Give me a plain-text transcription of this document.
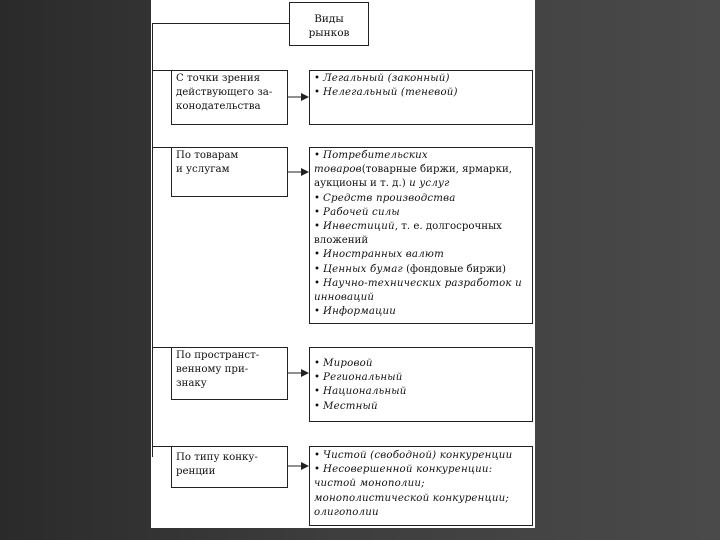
Виды
рынков
С точки зрения
действующего за-
конодательства
• Легальный (законный)
• Нелегальный (теневой)
По товарам
и услугам
• Потребительских товаров(товарные биржи, ярмарки, аукционы и т. д.) и услуг
• Средств производства
• Рабочей силы
• Инвестиций, т. е. долгосрочных вложений
• Иностранных валют
• Ценных бумаг (фондовые биржи)
• Научно-технических разработок и инноваций
• Информации
По пространст-
венному при-
знаку
• Мировой
• Региональный
• Национальный
• Местный
По типу конку-
ренции
• Чистой (свободной) конкуренции
• Несовершенной конкуренции: чистой монополии; монополистической конкуренции; олигополии
